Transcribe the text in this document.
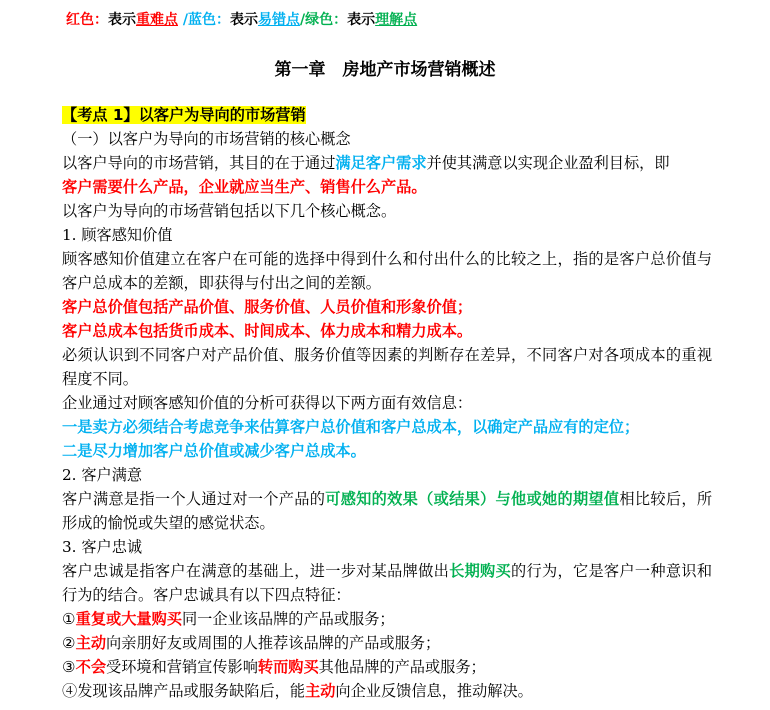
红色：表示重难点 /蓝色：表示易错点/绿色：表示理解点
第一章　房地产市场营销概述
【考点 1】以客户为导向的市场营销
（一）以客户为导向的市场营销的核心概念
以客户导向的市场营销，其目的在于通过满足客户需求并使其满意以实现企业盈利目标，即
客户需要什么产品，企业就应当生产、销售什么产品。
以客户为导向的市场营销包括以下几个核心概念。
1. 顾客感知价值
顾客感知价值建立在客户在可能的选择中得到什么和付出什么的比较之上，指的是客户总价值与客户总成本的差额，即获得与付出之间的差额。
客户总价值包括产品价值、服务价值、人员价值和形象价值；
客户总成本包括货币成本、时间成本、体力成本和精力成本。
必须认识到不同客户对产品价值、服务价值等因素的判断存在差异，不同客户对各项成本的重视程度不同。
企业通过对顾客感知价值的分析可获得以下两方面有效信息：
一是卖方必须结合考虑竞争来估算客户总价值和客户总成本，以确定产品应有的定位；
二是尽力增加客户总价值或减少客户总成本。
2. 客户满意
客户满意是指一个人通过对一个产品的可感知的效果（或结果）与他或她的期望值相比较后，所形成的愉悦或失望的感觉状态。
3. 客户忠诚
客户忠诚是指客户在满意的基础上，进一步对某品牌做出长期购买的行为，它是客户一种意识和行为的结合。客户忠诚具有以下四点特征：
①重复或大量购买同一企业该品牌的产品或服务；
②主动向亲朋好友或周围的人推荐该品牌的产品或服务；
③不会受环境和营销宣传影响转而购买其他品牌的产品或服务；
④发现该品牌产品或服务缺陷后，能主动向企业反馈信息，推动解决。
